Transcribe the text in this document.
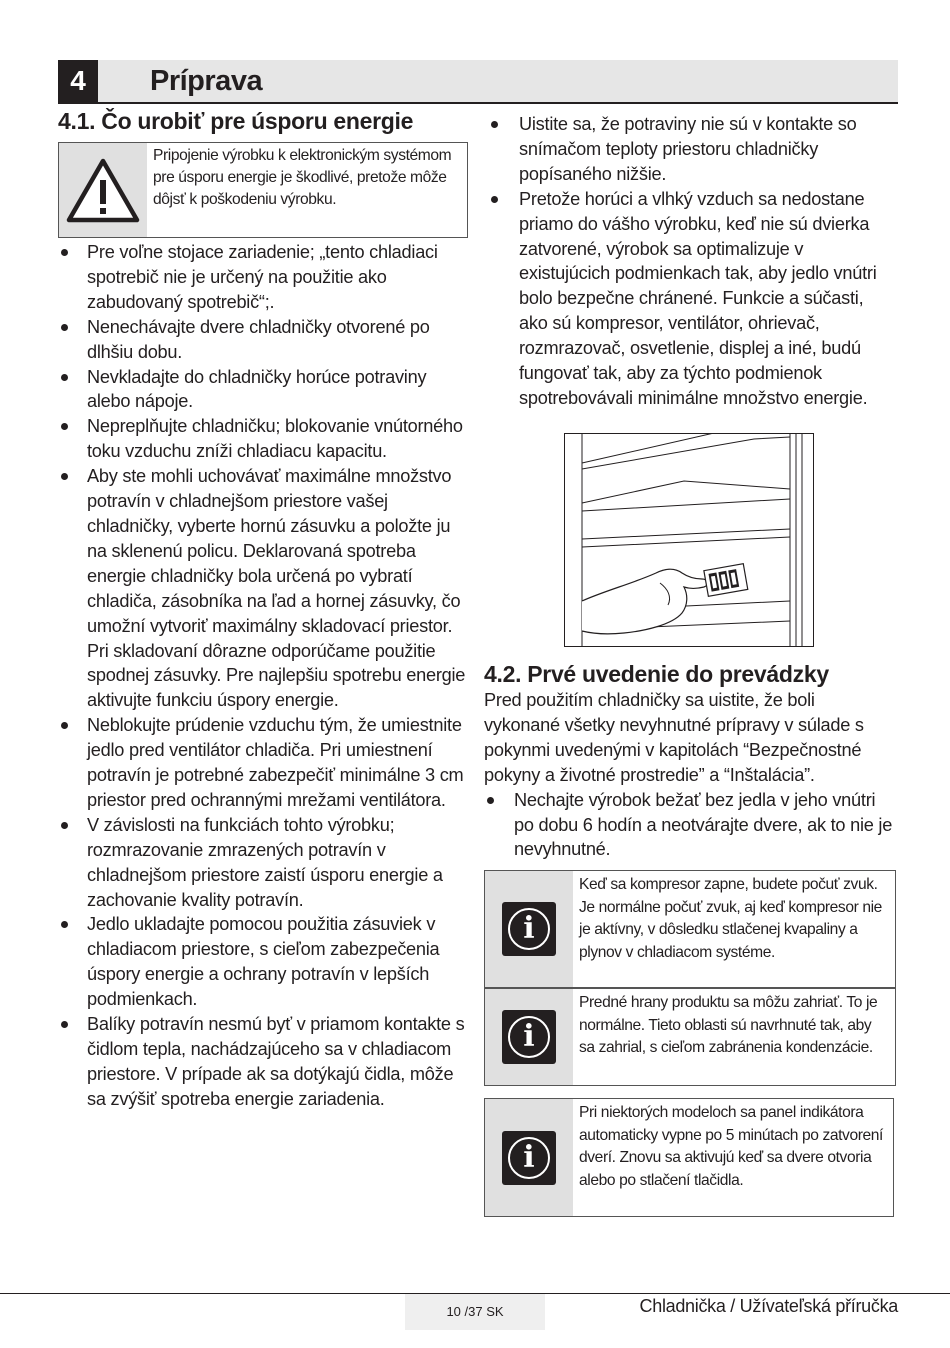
4	Príprava
4.1. Čo urobiť pre úsporu energie
Pripojenie výrobku k elektronickým systémom pre úsporu energie je škodlivé, pretože môže dôjsť k poškodeniu výrobku.
Pre voľne stojace zariadenie; „tento chladiaci spotrebič nie je určený na použitie ako zabudovaný spotrebič“;.
Nenechávajte dvere chladničky otvorené po dlhšiu dobu.
Nevkladajte do chladničky horúce potraviny alebo nápoje.
Nepreplňujte chladničku; blokovanie vnútorného toku vzduchu zníži chladiacu kapacitu.
Aby ste mohli uchovávať maximálne množstvo potravín v chladnejšom priestore vašej chladničky, vyberte hornú zásuvku a položte ju na sklenenú policu. Deklarovaná spotreba energie chladničky bola určená po vybratí chladiča, zásobníka na ľad a hornej zásuvky, čo umožní vytvoriť maximálny skladovací priestor. Pri skladovaní dôrazne odporúčame použitie spodnej zásuvky. Pre najlepšiu spotrebu energie aktivujte funkciu úspory energie.
Neblokujte prúdenie vzduchu tým, že umiestnite jedlo pred ventilátor chladiča. Pri umiestnení potravín je potrebné zabezpečiť minimálne 3 cm priestor pred ochrannými mrežami ventilátora.
V závislosti na funkciách tohto výrobku; rozmrazovanie zmrazených potravín v chladnejšom priestore zaistí úsporu energie a zachovanie kvality potravín.
Jedlo ukladajte pomocou použitia zásuviek v chladiacom priestore, s cieľom zabezpečenia úspory energie a ochrany potravín v lepších podmienkach.
Balíky potravín nesmú byť v priamom kontakte s čidlom tepla, nachádzajúceho sa v chladiacom priestore. V prípade ak sa dotýkajú čidla, môže sa zvýšiť spotreba energie zariadenia.
Uistite sa, že potraviny nie sú v kontakte so snímačom teploty priestoru chladničky popísaného nižšie.
Pretože horúci a vlhký vzduch sa nedostane priamo do vášho výrobku, keď nie sú dvierka zatvorené, výrobok sa optimalizuje v existujúcich podmienkach tak, aby jedlo vnútri bolo bezpečne chránené. Funkcie a súčasti, ako sú kompresor, ventilátor, ohrievač, rozmrazovač, osvetlenie, displej a iné, budú fungovať tak, aby za týchto podmienok spotrebovávali minimálne množstvo energie.
4.2. Prvé uvedenie do prevádzky

Pred použitím chladničky sa uistite, že boli vykonané všetky nevyhnutné prípravy v súlade s pokynmi uvedenými v kapitolách “Bezpečnostné pokyny a životné prostredie” a “Inštalácia”.

Nechajte výrobok bežať bez jedla v jeho vnútri po dobu 6 hodín a neotvárajte dvere, ak to nie je nevyhnutné.
i
Keď sa kompresor zapne, budete počuť zvuk. Je normálne počuť zvuk, aj keď kompresor nie je aktívny, v dôsledku stlačenej kvapaliny a plynov v chladiacom systéme.
i
Predné hrany produktu sa môžu zahriať. To je normálne. Tieto oblasti sú navrhnuté tak, aby sa zahrial, s cieľom zabránenia kondenzácie.
i
Pri niektorých modeloch sa panel indikátora automaticky vypne po 5 minútach po zatvorení dverí. Znovu sa aktivujú keď sa dvere otvoria alebo po stlačení tlačidla.
10 /37 SK	Chladnička / Užívateľská příručka
